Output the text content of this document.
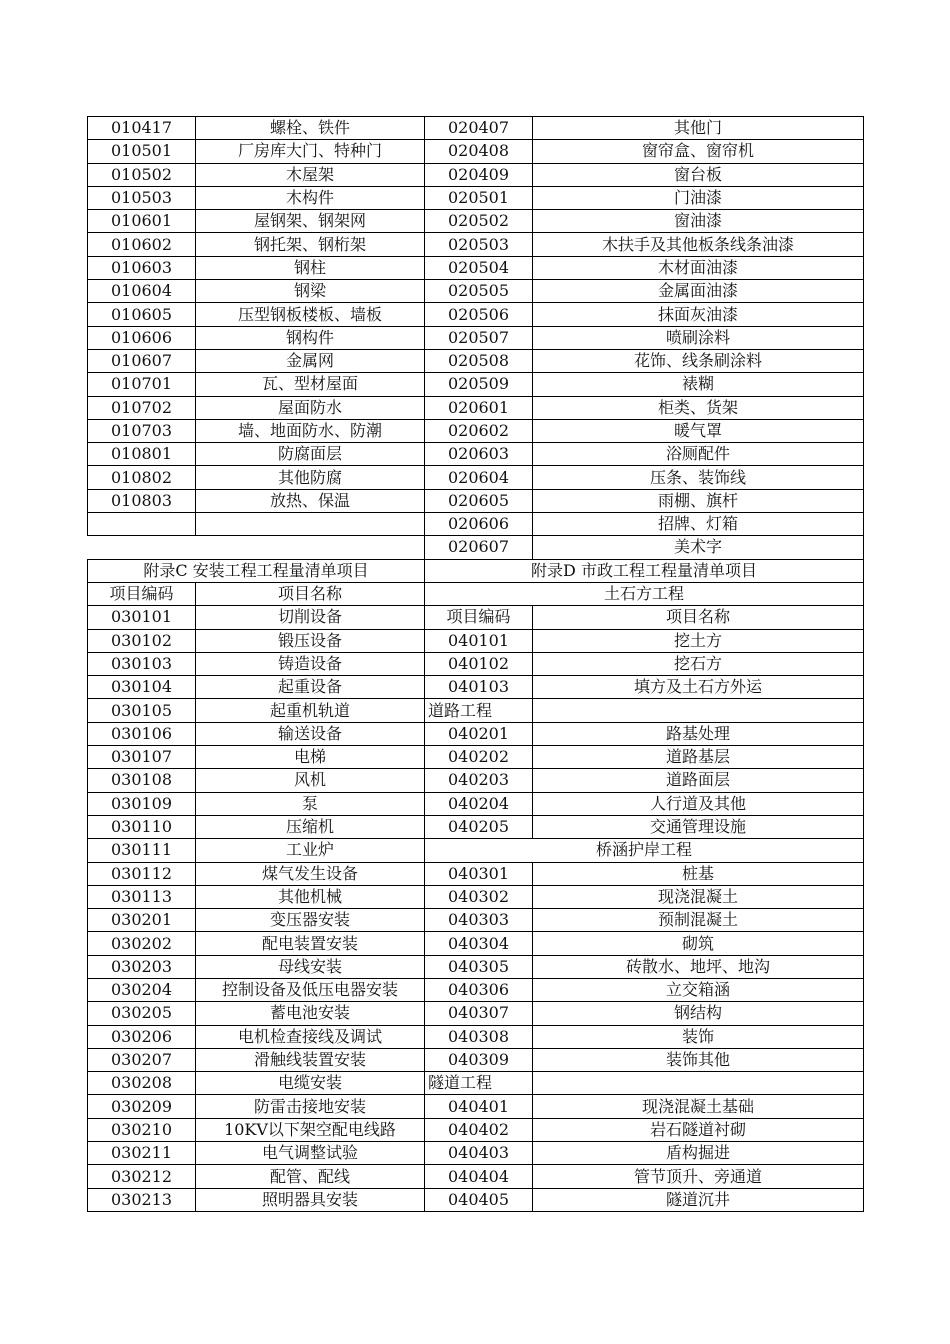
010417	螺栓、铁件	020407	其他门
010501	厂房库大门、特种门	020408	窗帘盒、窗帘机
010502	木屋架	020409	窗台板
010503	木构件	020501	门油漆
010601	屋钢架、钢架网	020502	窗油漆
010602	钢托架、钢桁架	020503	木扶手及其他板条线条油漆
010603	钢柱	020504	木材面油漆
010604	钢梁	020505	金属面油漆
010605	压型钢板楼板、墙板	020506	抹面灰油漆
010606	钢构件	020507	喷刷涂料
010607	金属网	020508	花饰、线条刷涂料
010701	瓦、型材屋面	020509	裱糊
010702	屋面防水	020601	柜类、货架
010703	墙、地面防水、防潮	020602	暖气罩
010801	防腐面层	020603	浴厕配件
010802	其他防腐	020604	压条、装饰线
010803	放热、保温	020605	雨棚、旗杆
		020606	招牌、灯箱
		020607	美术字
附录C 安装工程工程量清单项目		附录D 市政工程工程量清单项目	
项目编码	项目名称	土石方工程	
030101	切削设备	项目编码	项目名称
030102	锻压设备	040101	挖土方
030103	铸造设备	040102	挖石方
030104	起重设备	040103	填方及土石方外运
030105	起重机轨道	道路工程	
030106	输送设备	040201	路基处理
030107	电梯	040202	道路基层
030108	风机	040203	道路面层
030109	泵	040204	人行道及其他
030110	压缩机	040205	交通管理设施
030111	工业炉	桥涵护岸工程	
030112	煤气发生设备	040301	桩基
030113	其他机械	040302	现浇混凝土
030201	变压器安装	040303	预制混凝土
030202	配电装置安装	040304	砌筑
030203	母线安装	040305	砖散水、地坪、地沟
030204	控制设备及低压电器安装	040306	立交箱涵
030205	蓄电池安装	040307	钢结构
030206	电机检查接线及调试	040308	装饰
030207	滑触线装置安装	040309	装饰其他
030208	电缆安装	隧道工程	
030209	防雷击接地安装	040401	现浇混凝土基础
030210	10KV以下架空配电线路	040402	岩石隧道衬砌
030211	电气调整试验	040403	盾构掘进
030212	配管、配线	040404	管节顶升、旁通道
030213	照明器具安装	040405	隧道沉井
